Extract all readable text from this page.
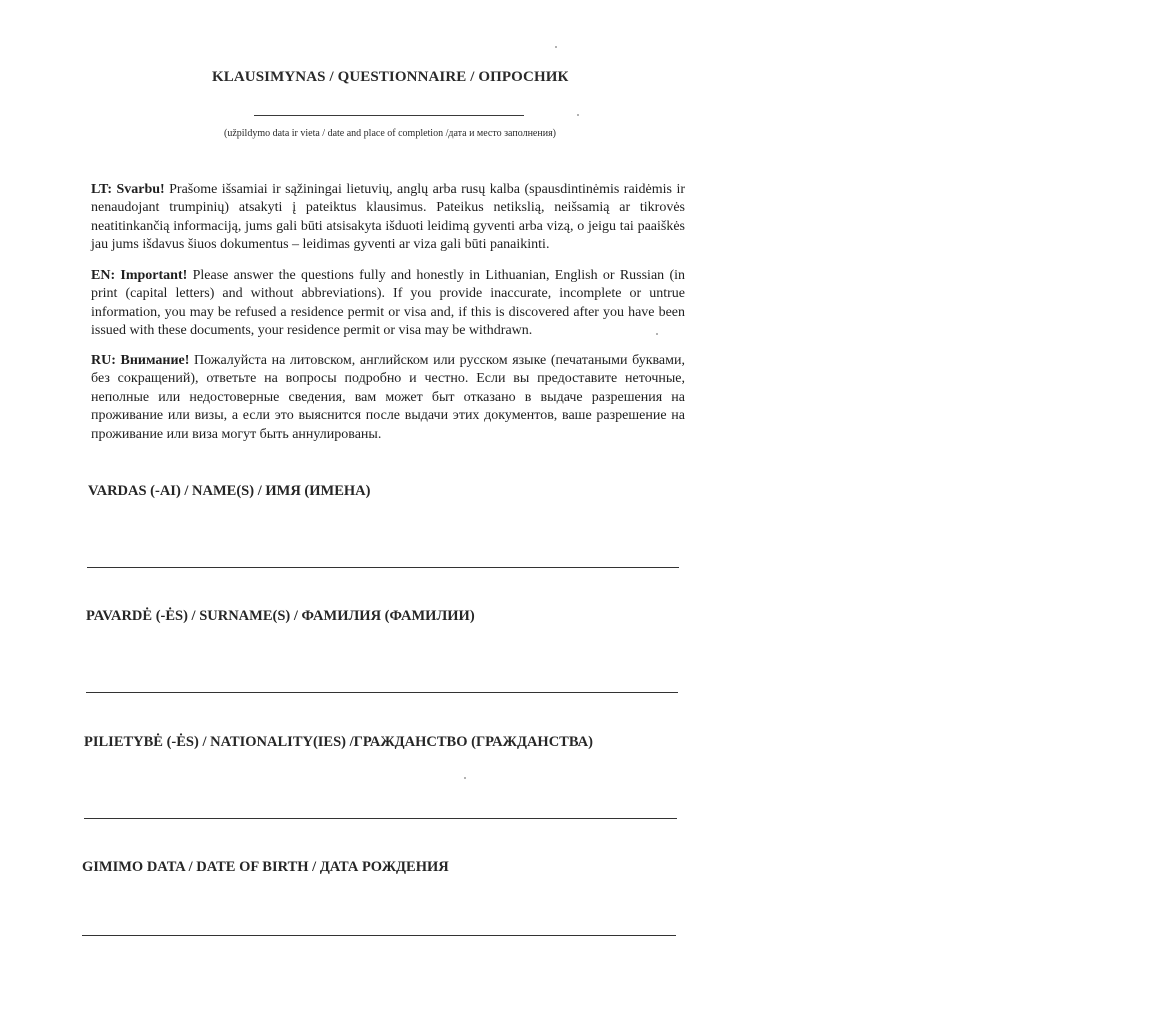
KLAUSIMYNAS / QUESTIONNAIRE / ОПРОСНИК
(užpildymo data ir vieta / date and place of completion /дата и место заполнения)

LT: Svarbu! Prašome išsamiai ir sąžiningai lietuvių, anglų arba rusų kalba (spausdintinėmis raidėmis ir nenaudojant trumpinių) atsakyti į pateiktus klausimus. Pateikus netikslią, neišsamią ar tikrovės neatitinkančią informaciją, jums gali būti atsisakyta išduoti leidimą gyventi arba vizą, o jeigu tai paaiškės jau jums išdavus šiuos dokumentus – leidimas gyventi ar viza gali būti panaikinti.

EN: Important! Please answer the questions fully and honestly in Lithuanian, English or Russian (in print (capital letters) and without abbreviations). If you provide inaccurate, incomplete or untrue information, you may be refused a residence permit or visa and, if this is discovered after you have been issued with these documents, your residence permit or visa may be withdrawn.

RU: Внимание! Пожалуйста на литовском, английском или русском языке (печатаными буквами, без сокращений), ответьте на вопросы подробно и честно. Если вы предоставите неточные, неполные или недостоверные сведения, вам может быт отказано в выдаче разрешения на проживание или визы, а если это выяснится после выдачи этих документов, ваше разрешение на проживание или виза могут быть аннулированы.

VARDAS (-AI) / NAME(S) / ИМЯ (ИМЕНА)
PAVARDĖ (-ĖS) / SURNAME(S) / ФАМИЛИЯ (ФАМИЛИИ)
PILIETYBĖ (-ĖS) / NATIONALITY(IES) /ГРАЖДАНСТВО (ГРАЖДАНСТВА)
GIMIMO DATA / DATE OF BIRTH / ДАТА РОЖДЕНИЯ
